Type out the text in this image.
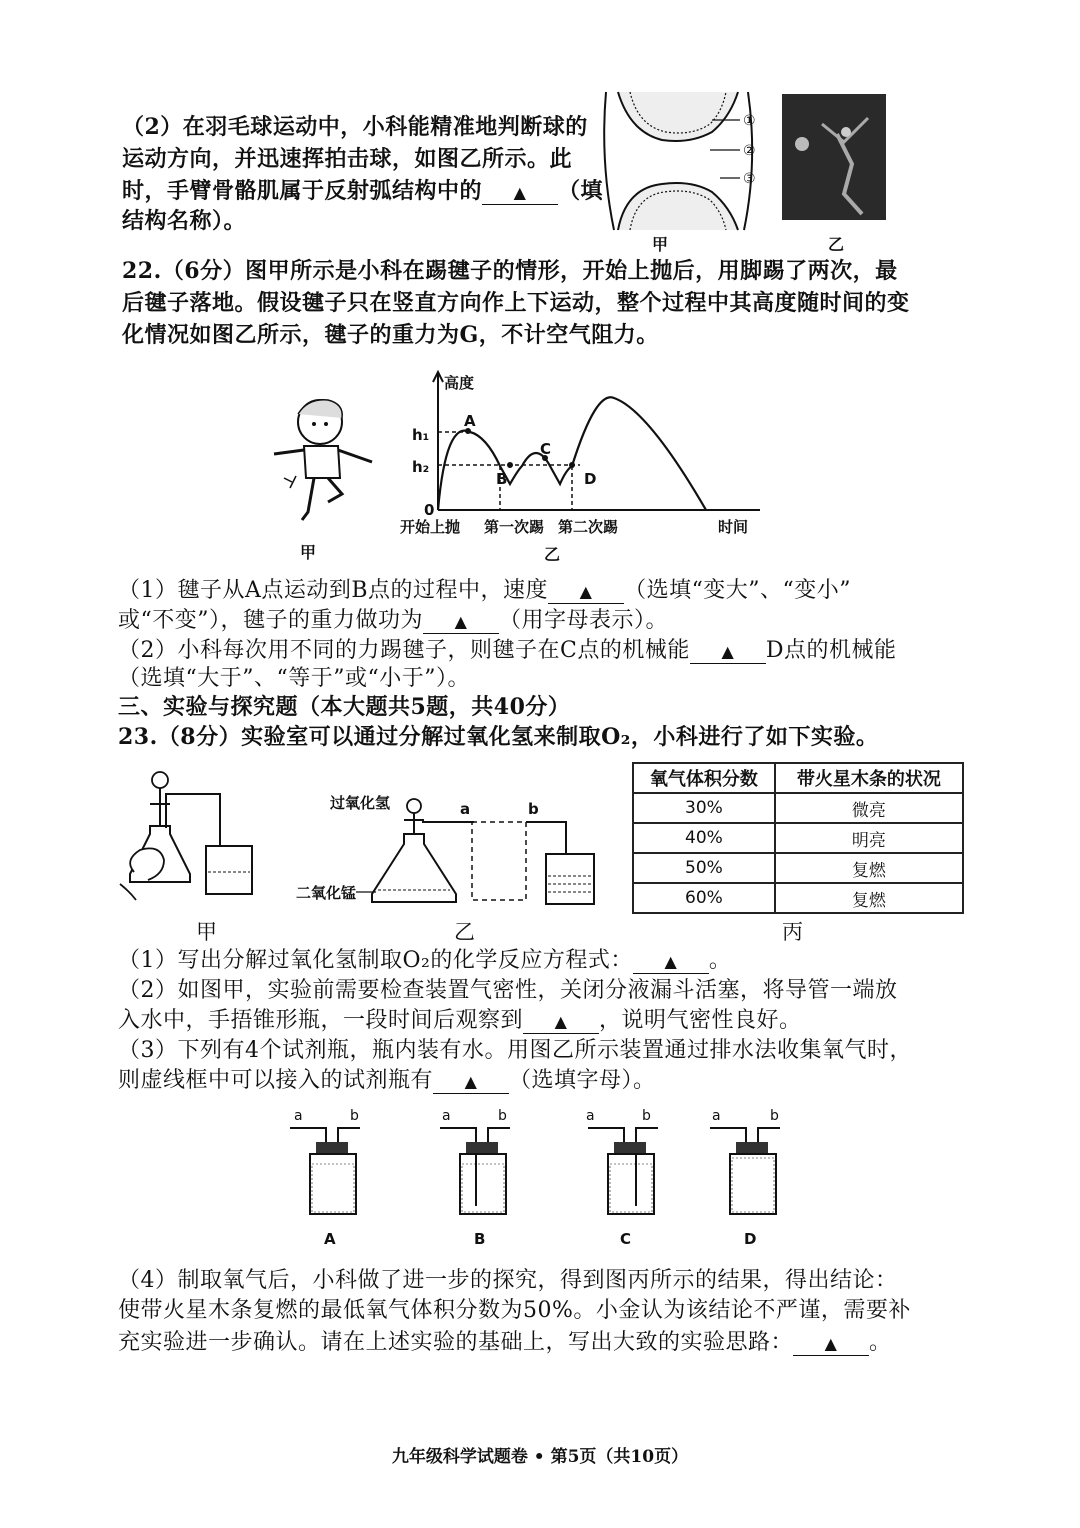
（2）在羽毛球运动中，小科能精准地判断球的
运动方向，并迅速挥拍击球，如图乙所示。此
时，手臂骨骼肌属于反射弧结构中的 ▲ （填
结构名称）。
①
②
③
甲	乙
22.（6分）图甲所示是小科在踢毽子的情形，开始上抛后，用脚踢了两次，最
后毽子落地。假设毽子只在竖直方向作上下运动，整个过程中其高度随时间的变
化情况如图乙所示，毽子的重力为G，不计空气阻力。
甲
高度
h₁
h₂
0
A
B
C
D
开始上抛 第一次踢 第二次踢	时间
乙
（1）毽子从A点运动到B点的过程中，速度 ▲ （选填“变大”、“变小”
或“不变”），毽子的重力做功为 ▲ （用字母表示）。
（2）小科每次用不同的力踢毽子，则毽子在C点的机械能 ▲ D点的机械能
（选填“大于”、“等于”或“小于”）。
三、实验与探究题（本大题共5题，共40分）
23.（8分）实验室可以通过分解过氧化氢来制取O₂，小科进行了如下实验。
甲
过氧化氢
二氧化锰
a	b
乙
氧气体积分数	带火星木条的状况
30%	微亮
40%	明亮
50%	复燃
60%	复燃
丙
（1）写出分解过氧化氢制取O₂的化学反应方程式： ▲ 。
（2）如图甲，实验前需要检查装置气密性，关闭分液漏斗活塞，将导管一端放
入水中，手捂锥形瓶，一段时间后观察到 ▲ ，说明气密性良好。
（3）下列有4个试剂瓶，瓶内装有水。用图乙所示装置通过排水法收集氧气时，
则虚线框中可以接入的试剂瓶有 ▲ （选填字母）。
a	b
A
a	b
B
a	b
C
a	b
D
（4）制取氧气后，小科做了进一步的探究，得到图丙所示的结果，得出结论：
使带火星木条复燃的最低氧气体积分数为50%。小金认为该结论不严谨，需要补
充实验进一步确认。请在上述实验的基础上，写出大致的实验思路： ▲ 。
九年级科学试题卷 • 第5页（共10页）
